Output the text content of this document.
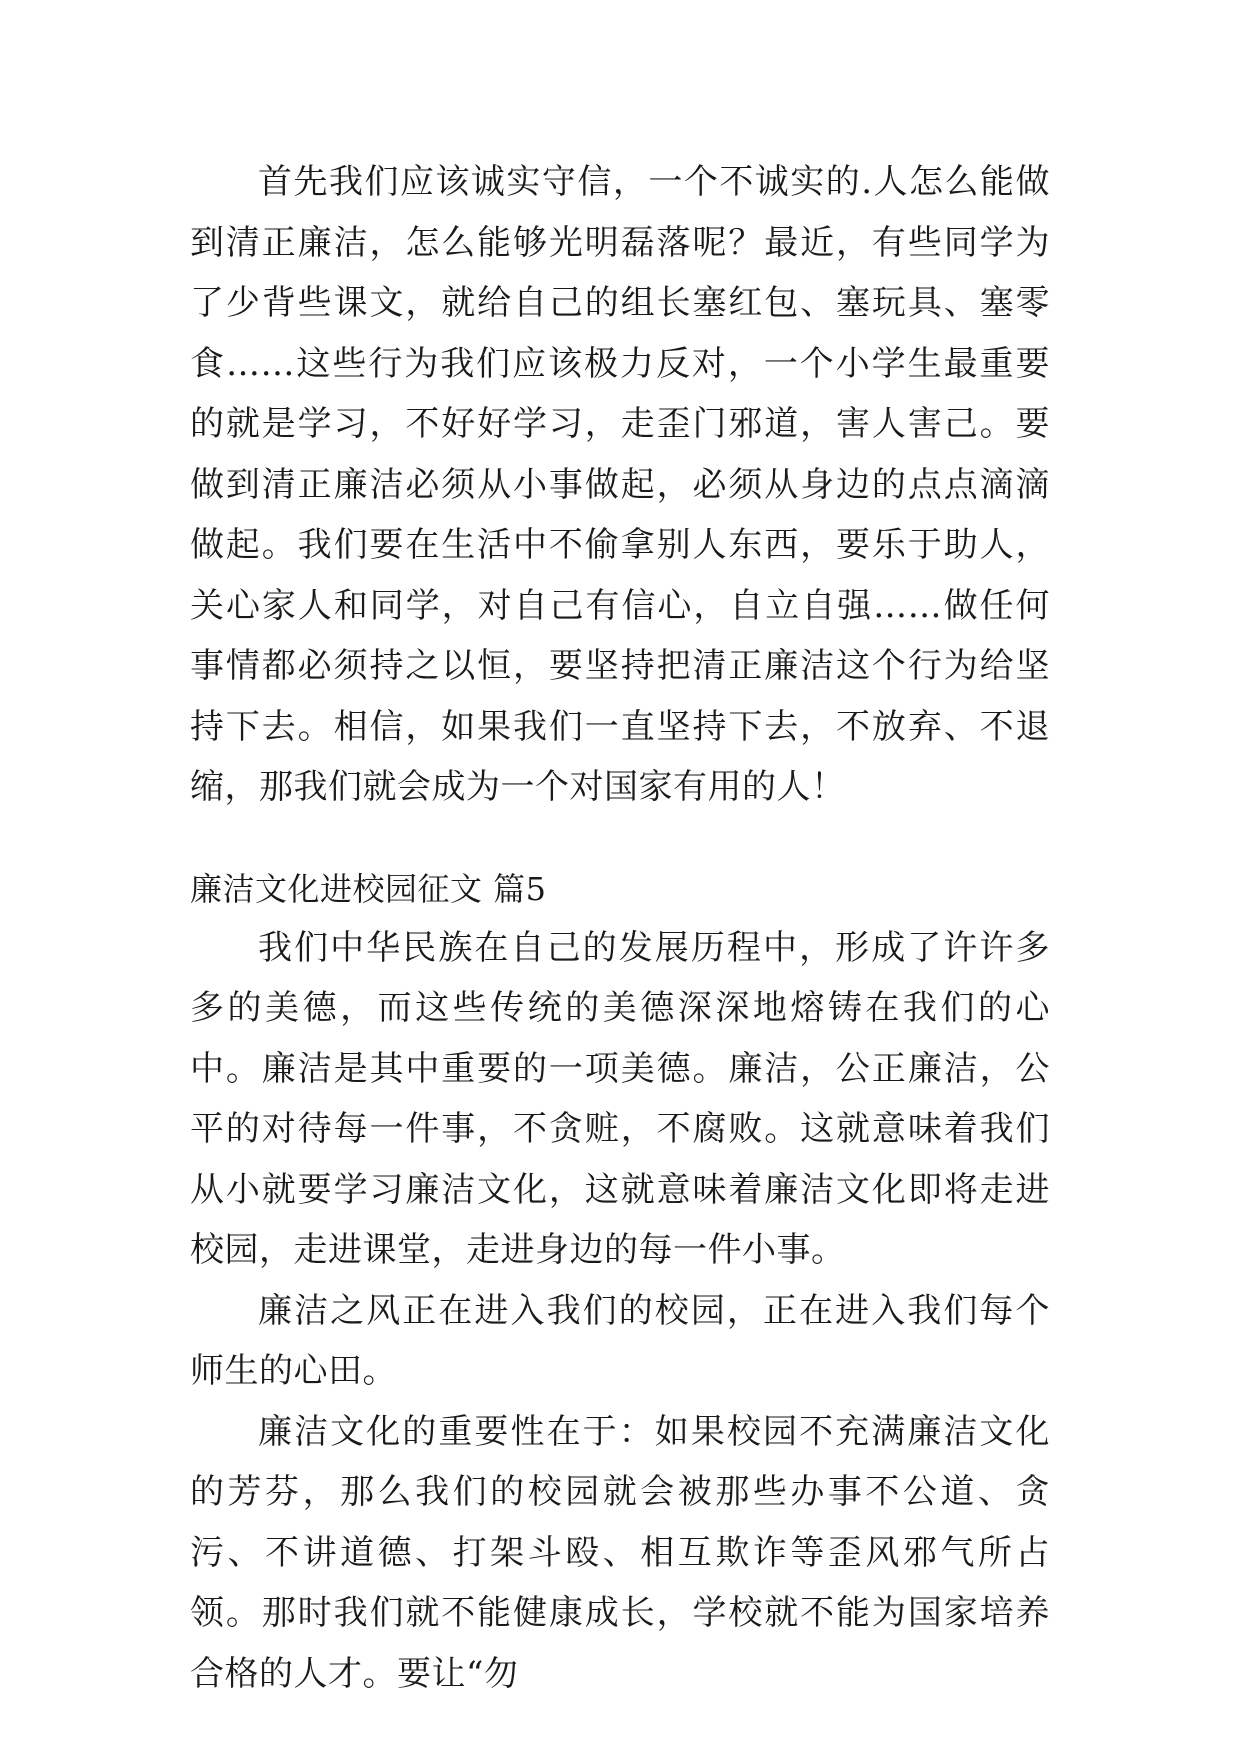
首先我们应该诚实守信，一个不诚实的.人怎么能做到清正廉洁，怎么能够光明磊落呢？最近，有些同学为了少背些课文，就给自己的组长塞红包、塞玩具、塞零食……这些行为我们应该极力反对，一个小学生最重要的就是学习，不好好学习，走歪门邪道，害人害己。要做到清正廉洁必须从小事做起，必须从身边的点点滴滴做起。我们要在生活中不偷拿别人东西，要乐于助人，关心家人和同学，对自己有信心，自立自强……做任何事情都必须持之以恒，要坚持把清正廉洁这个行为给坚持下去。相信，如果我们一直坚持下去，不放弃、不退缩，那我们就会成为一个对国家有用的人！

廉洁文化进校园征文 篇5

我们中华民族在自己的发展历程中，形成了许许多多的美德，而这些传统的美德深深地熔铸在我们的心中。廉洁是其中重要的一项美德。廉洁，公正廉洁，公平的对待每一件事，不贪赃，不腐败。这就意味着我们从小就要学习廉洁文化，这就意味着廉洁文化即将走进校园，走进课堂，走进身边的每一件小事。

廉洁之风正在进入我们的校园，正在进入我们每个师生的心田。

廉洁文化的重要性在于：如果校园不充满廉洁文化的芳芬，那么我们的校园就会被那些办事不公道、贪污、不讲道德、打架斗殴、相互欺诈等歪风邪气所占领。那时我们就不能健康成长，学校就不能为国家培养合格的人才。要让“勿
